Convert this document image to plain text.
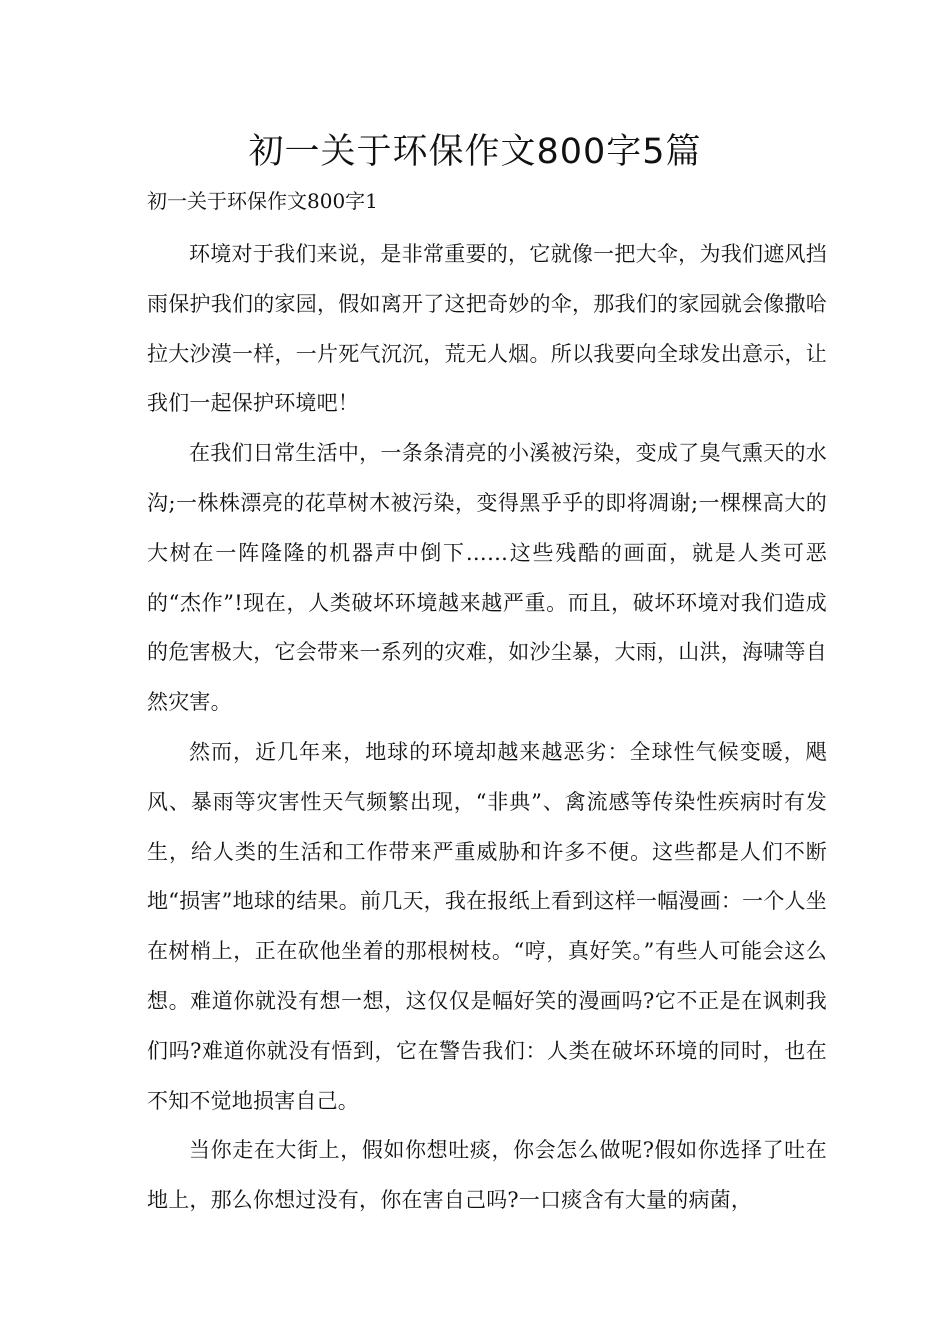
初一关于环保作文800字5篇

初一关于环保作文800字1

环境对于我们来说，是非常重要的，它就像一把大伞，为我们遮风挡雨保护我们的家园，假如离开了这把奇妙的伞，那我们的家园就会像撒哈拉大沙漠一样，一片死气沉沉，荒无人烟。所以我要向全球发出意示，让我们一起保护环境吧！

在我们日常生活中，一条条清亮的小溪被污染，变成了臭气熏天的水沟;一株株漂亮的花草树木被污染，变得黑乎乎的即将凋谢;一棵棵高大的大树在一阵隆隆的机器声中倒下……这些残酷的画面，就是人类可恶的“杰作”!现在，人类破坏环境越来越严重。而且，破坏环境对我们造成的危害极大，它会带来一系列的灾难，如沙尘暴，大雨，山洪，海啸等自然灾害。

然而，近几年来，地球的环境却越来越恶劣：全球性气候变暖，飓风、暴雨等灾害性天气频繁出现，“非典”、禽流感等传染性疾病时有发生，给人类的生活和工作带来严重威胁和许多不便。这些都是人们不断地“损害”地球的结果。前几天，我在报纸上看到这样一幅漫画：一个人坐在树梢上，正在砍他坐着的那根树枝。“哼，真好笑。”有些人可能会这么想。难道你就没有想一想，这仅仅是幅好笑的漫画吗?它不正是在讽刺我们吗?难道你就没有悟到，它在警告我们：人类在破坏环境的同时，也在不知不觉地损害自己。

当你走在大街上，假如你想吐痰，你会怎么做呢?假如你选择了吐在地上，那么你想过没有，你在害自己吗?一口痰含有大量的病菌，
